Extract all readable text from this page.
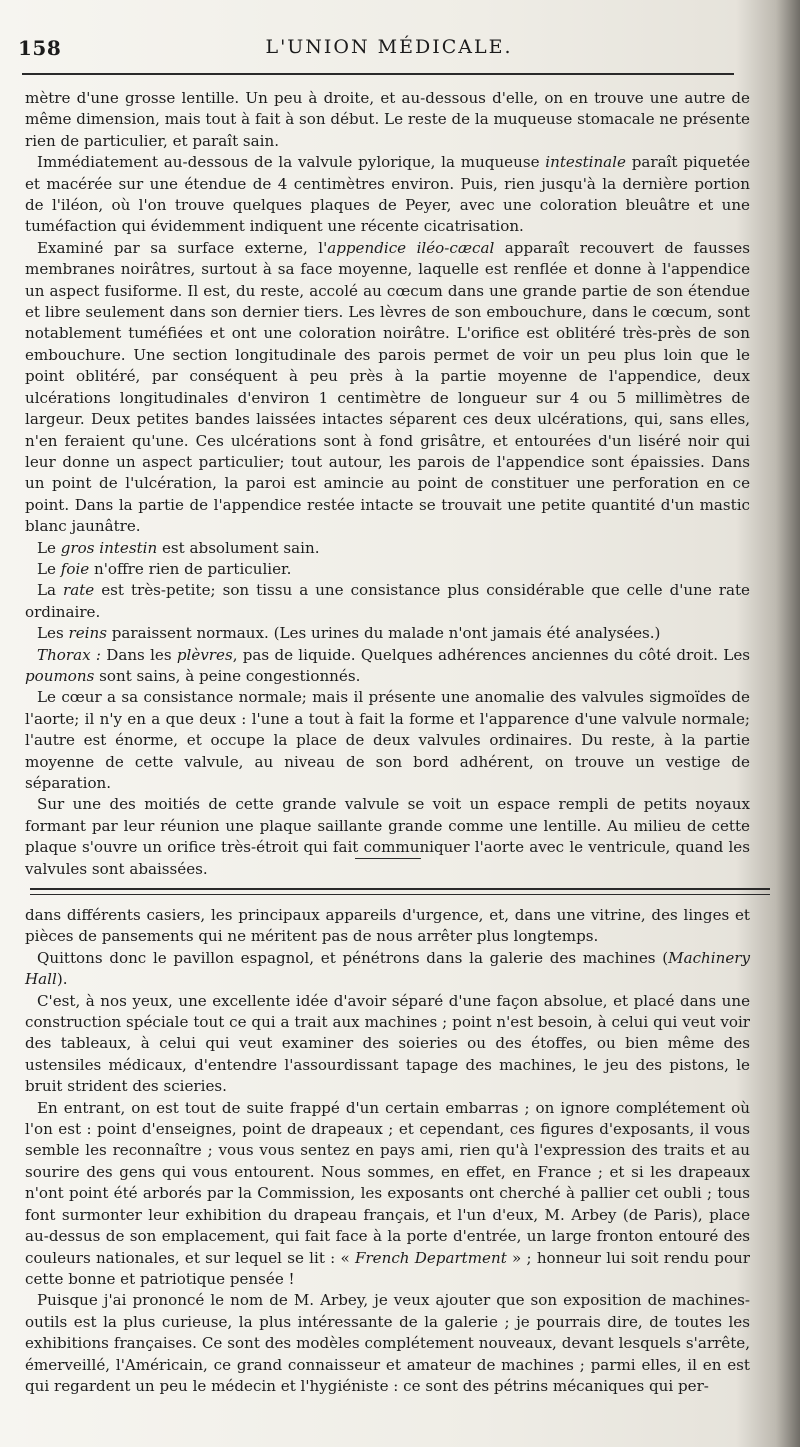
158	L'UNION MÉDICALE.

mètre d'une grosse lentille. Un peu à droite, et au-dessous d'elle, on en trouve une autre de même dimension, mais tout à fait à son début. Le reste de la muqueuse stomacale ne présente rien de particulier, et paraît sain.

Immédiatement au-dessous de la valvule pylorique, la muqueuse intestinale paraît piquetée et macérée sur une étendue de 4 centimètres environ. Puis, rien jusqu'à la dernière portion de l'iléon, où l'on trouve quelques plaques de Peyer, avec une coloration bleuâtre et une tuméfaction qui évidemment indiquent une récente cicatrisation.

Examiné par sa surface externe, l'appendice iléo-cæcal apparaît recouvert de fausses membranes noirâtres, surtout à sa face moyenne, laquelle est renflée et donne à l'appendice un aspect fusiforme. Il est, du reste, accolé au cœcum dans une grande partie de son étendue et libre seulement dans son dernier tiers. Les lèvres de son embouchure, dans le cœcum, sont notablement tuméfiées et ont une coloration noirâtre. L'orifice est oblitéré très-près de son embouchure. Une section longitudinale des parois permet de voir un peu plus loin que le point oblitéré, par conséquent à peu près à la partie moyenne de l'appendice, deux ulcérations longitudinales d'environ 1 centimètre de longueur sur 4 ou 5 millimètres de largeur. Deux petites bandes laissées intactes séparent ces deux ulcérations, qui, sans elles, n'en feraient qu'une. Ces ulcérations sont à fond grisâtre, et entourées d'un liséré noir qui leur donne un aspect particulier; tout autour, les parois de l'appendice sont épaissies. Dans un point de l'ulcération, la paroi est amincie au point de constituer une perforation en ce point. Dans la partie de l'appendice restée intacte se trouvait une petite quantité d'un mastic blanc jaunâtre.

Le gros intestin est absolument sain.

Le foie n'offre rien de particulier.

La rate est très-petite; son tissu a une consistance plus considérable que celle d'une rate ordinaire.

Les reins paraissent normaux. (Les urines du malade n'ont jamais été analysées.)

Thorax : Dans les plèvres, pas de liquide. Quelques adhérences anciennes du côté droit. Les poumons sont sains, à peine congestionnés.

Le cœur a sa consistance normale; mais il présente une anomalie des valvules sigmoïdes de l'aorte; il n'y en a que deux : l'une a tout à fait la forme et l'apparence d'une valvule normale; l'autre est énorme, et occupe la place de deux valvules ordinaires. Du reste, à la partie moyenne de cette valvule, au niveau de son bord adhérent, on trouve un vestige de séparation.

Sur une des moitiés de cette grande valvule se voit un espace rempli de petits noyaux formant par leur réunion une plaque saillante grande comme une lentille. Au milieu de cette plaque s'ouvre un orifice très-étroit qui fait communiquer l'aorte avec le ventricule, quand les valvules sont abaissées.

dans différents casiers, les principaux appareils d'urgence, et, dans une vitrine, des linges et pièces de pansements qui ne méritent pas de nous arrêter plus longtemps.

Quittons donc le pavillon espagnol, et pénétrons dans la galerie des machines (Machinery Hall).

C'est, à nos yeux, une excellente idée d'avoir séparé d'une façon absolue, et placé dans une construction spéciale tout ce qui a trait aux machines ; point n'est besoin, à celui qui veut voir des tableaux, à celui qui veut examiner des soieries ou des étoffes, ou bien même des ustensiles médicaux, d'entendre l'assourdissant tapage des machines, le jeu des pistons, le bruit strident des scieries.

En entrant, on est tout de suite frappé d'un certain embarras ; on ignore complétement où l'on est : point d'enseignes, point de drapeaux ; et cependant, ces figures d'exposants, il vous semble les reconnaître ; vous vous sentez en pays ami, rien qu'à l'expression des traits et au sourire des gens qui vous entourent. Nous sommes, en effet, en France ; et si les drapeaux n'ont point été arborés par la Commission, les exposants ont cherché à pallier cet oubli ; tous font surmonter leur exhibition du drapeau français, et l'un d'eux, M. Arbey (de Paris), place au-dessus de son emplacement, qui fait face à la porte d'entrée, un large fronton entouré des couleurs nationales, et sur lequel se lit : « French Department » ; honneur lui soit rendu pour cette bonne et patriotique pensée !

Puisque j'ai prononcé le nom de M. Arbey, je veux ajouter que son exposition de machines-outils est la plus curieuse, la plus intéressante de la galerie ; je pourrais dire, de toutes les exhibitions françaises. Ce sont des modèles complétement nouveaux, devant lesquels s'arrête, émerveillé, l'Américain, ce grand connaisseur et amateur de machines ; parmi elles, il en est qui regardent un peu le médecin et l'hygiéniste : ce sont des pétrins mécaniques qui per-
